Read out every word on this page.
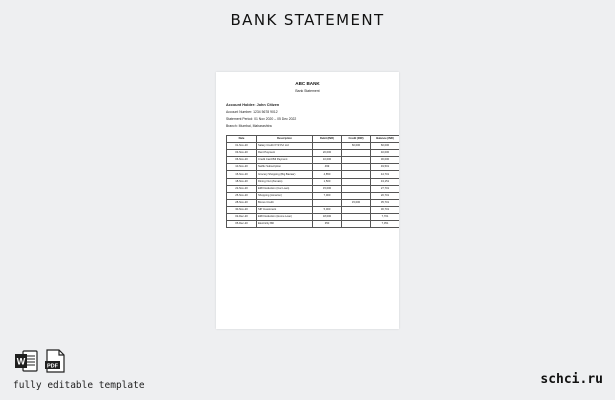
BANK STATEMENT
ABC BANK
Bank Statement
Account Holder: John Citizen
Account Number: 1234 5678 9012
Statement Period: 01 Nov 2020 – 05 Dec 2022
Branch: Mumbai, Maharashtra
Date	Description	Debit (INR)	Credit (INR)	Balance (INR)
01-Nov-20	Salary Credit XYZ Pvt Ltd		60,000	60,000
03-Nov-20	Rent Payment	20,000		40,000
06-Nov-20	Credit Card Bill Payment	10,000		30,000
10-Nov-20	Netflix Subscription	499		49,501
15-Nov-20	Grocery Shopping (Big Bazaar)	4,850		44,701
18-Nov-20	Dining Out (Zomato)	1,500		43,151
22-Nov-20	EMI Deduction (Car Loan)	15,000		27,701
25-Nov-20	Shopping (Amazon)	7,000		20,701
28-Nov-20	Bonus Credit		15,000	35,701
30-Nov-20	SIP Investment	5,000		30,701
02-Dec-20	EMI Deduction (Home Loan)	18,000		7,701
05-Dec-20	Electricity Bill	350		7,351
W	PDF
fully editable template	schci.ru
